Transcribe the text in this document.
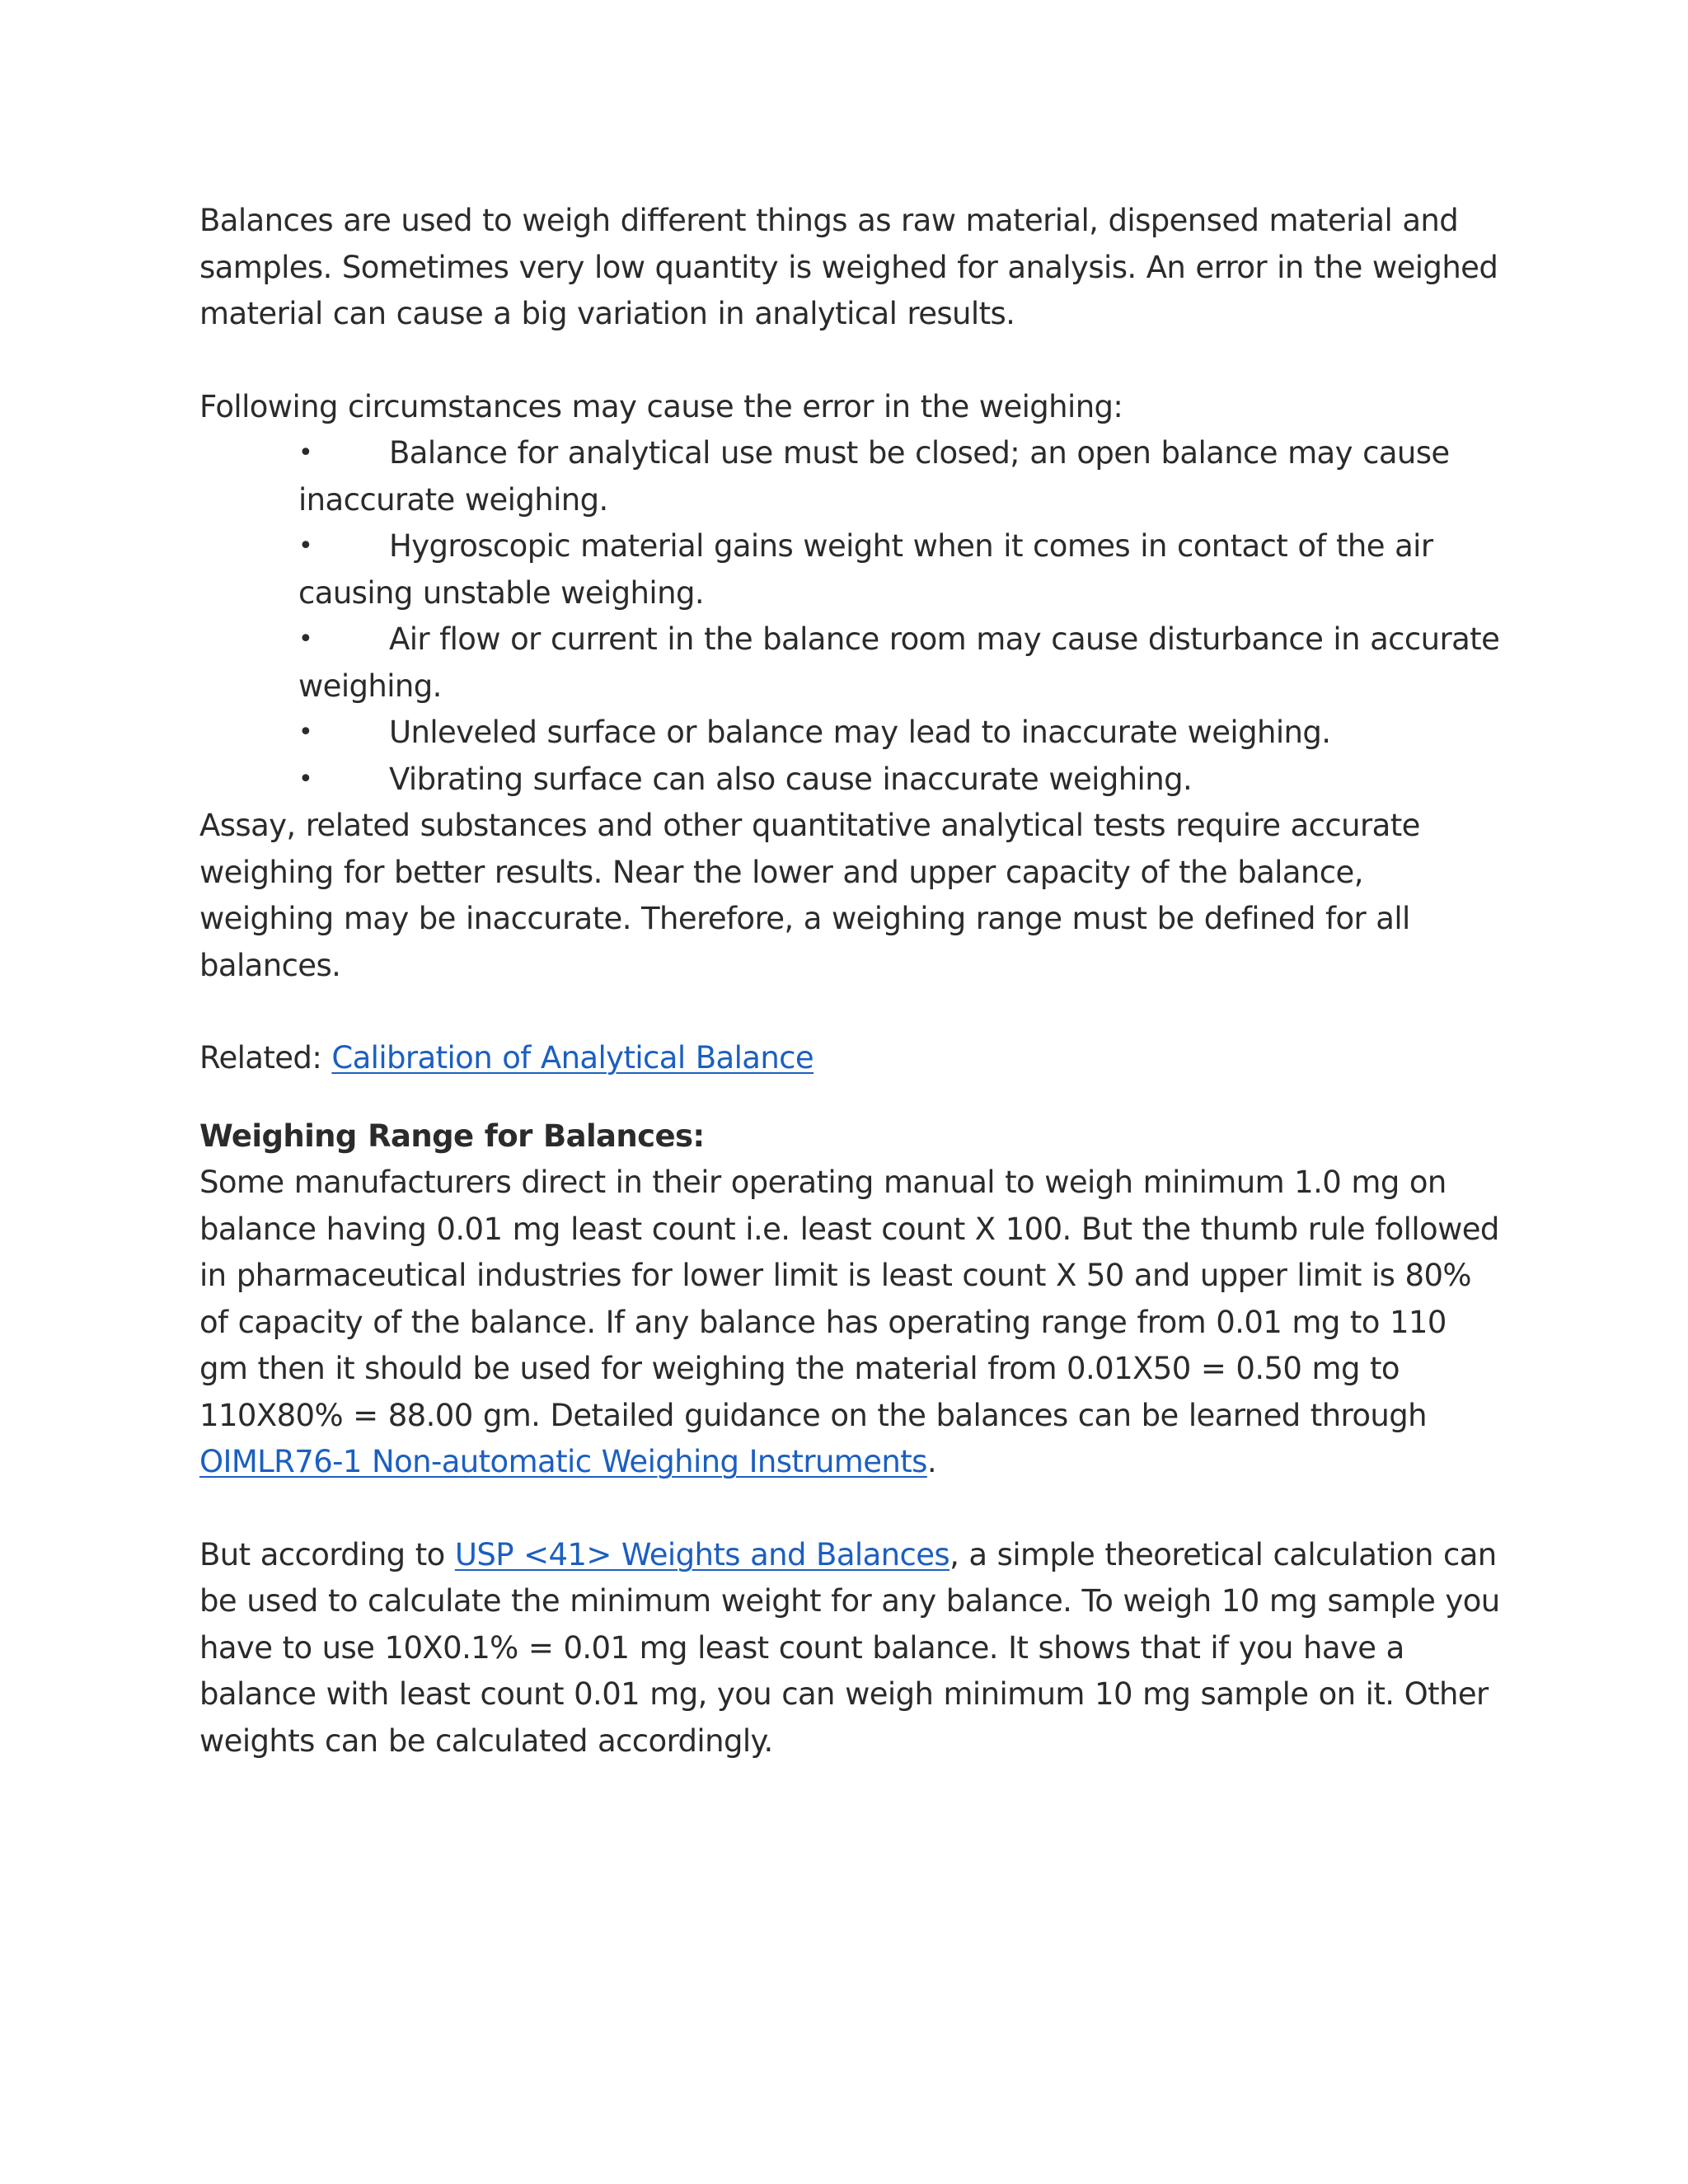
Balances are used to weigh different things as raw material, dispensed material and samples. Sometimes very low quantity is weighed for analysis. An error in the weighed material can cause a big variation in analytical results.

Following circumstances may cause the error in the weighing:

•	Balance for analytical use must be closed; an open balance may cause inaccurate weighing.
•	Hygroscopic material gains weight when it comes in contact of the air causing unstable weighing.
•	Air flow or current in the balance room may cause disturbance in accurate weighing.
•	Unleveled surface or balance may lead to inaccurate weighing.
•	Vibrating surface can also cause inaccurate weighing.

Assay, related substances and other quantitative analytical tests require accurate weighing for better results. Near the lower and upper capacity of the balance, weighing may be inaccurate. Therefore, a weighing range must be defined for all balances.

Related: Calibration of Analytical Balance

Weighing Range for Balances:

Some manufacturers direct in their operating manual to weigh minimum 1.0 mg on balance having 0.01 mg least count i.e. least count X 100. But the thumb rule followed in pharmaceutical industries for lower limit is least count X 50 and upper limit is 80% of capacity of the balance. If any balance has operating range from 0.01 mg to 110 gm then it should be used for weighing the material from 0.01X50 = 0.50 mg to 110X80% = 88.00 gm. Detailed guidance on the balances can be learned through OIMLR76-1 Non-automatic Weighing Instruments.

But according to USP <41> Weights and Balances, a simple theoretical calculation can be used to calculate the minimum weight for any balance. To weigh 10 mg sample you have to use 10X0.1% = 0.01 mg least count balance. It shows that if you have a balance with least count 0.01 mg, you can weigh minimum 10 mg sample on it. Other weights can be calculated accordingly.
